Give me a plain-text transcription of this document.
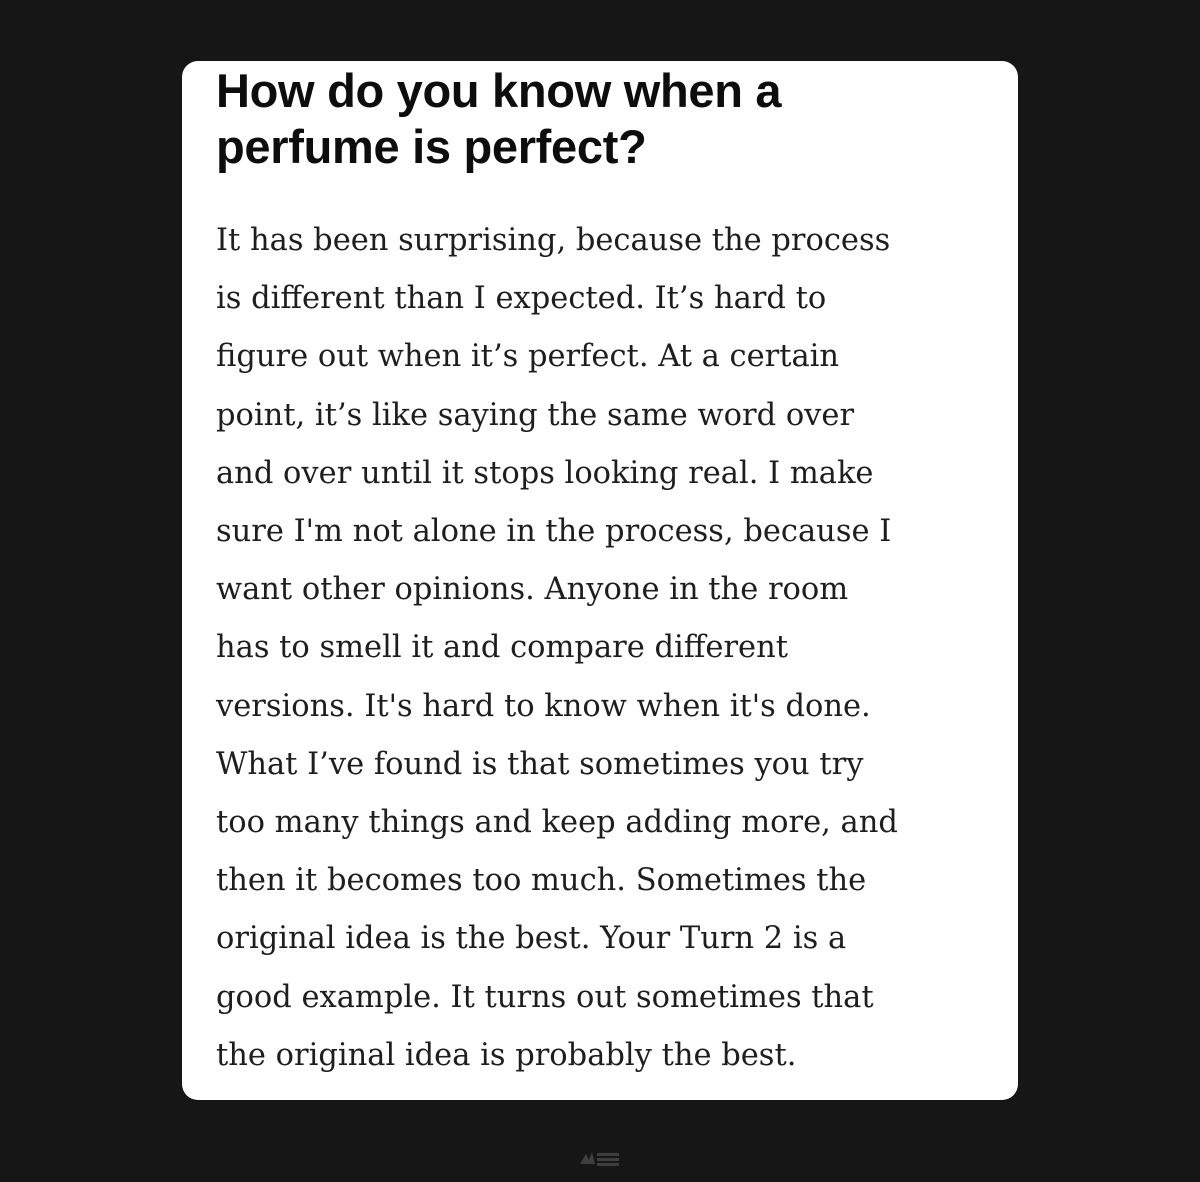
How do you know when a
perfume is perfect?

It has been surprising, because the process
is different than I expected. It’s hard to
figure out when it’s perfect. At a certain
point, it’s like saying the same word over
and over until it stops looking real. I make
sure I'm not alone in the process, because I
want other opinions. Anyone in the room
has to smell it and compare different
versions. It's hard to know when it's done.
What I’ve found is that sometimes you try
too many things and keep adding more, and
then it becomes too much. Sometimes the
original idea is the best. Your Turn 2 is a
good example. It turns out sometimes that
the original idea is probably the best.
